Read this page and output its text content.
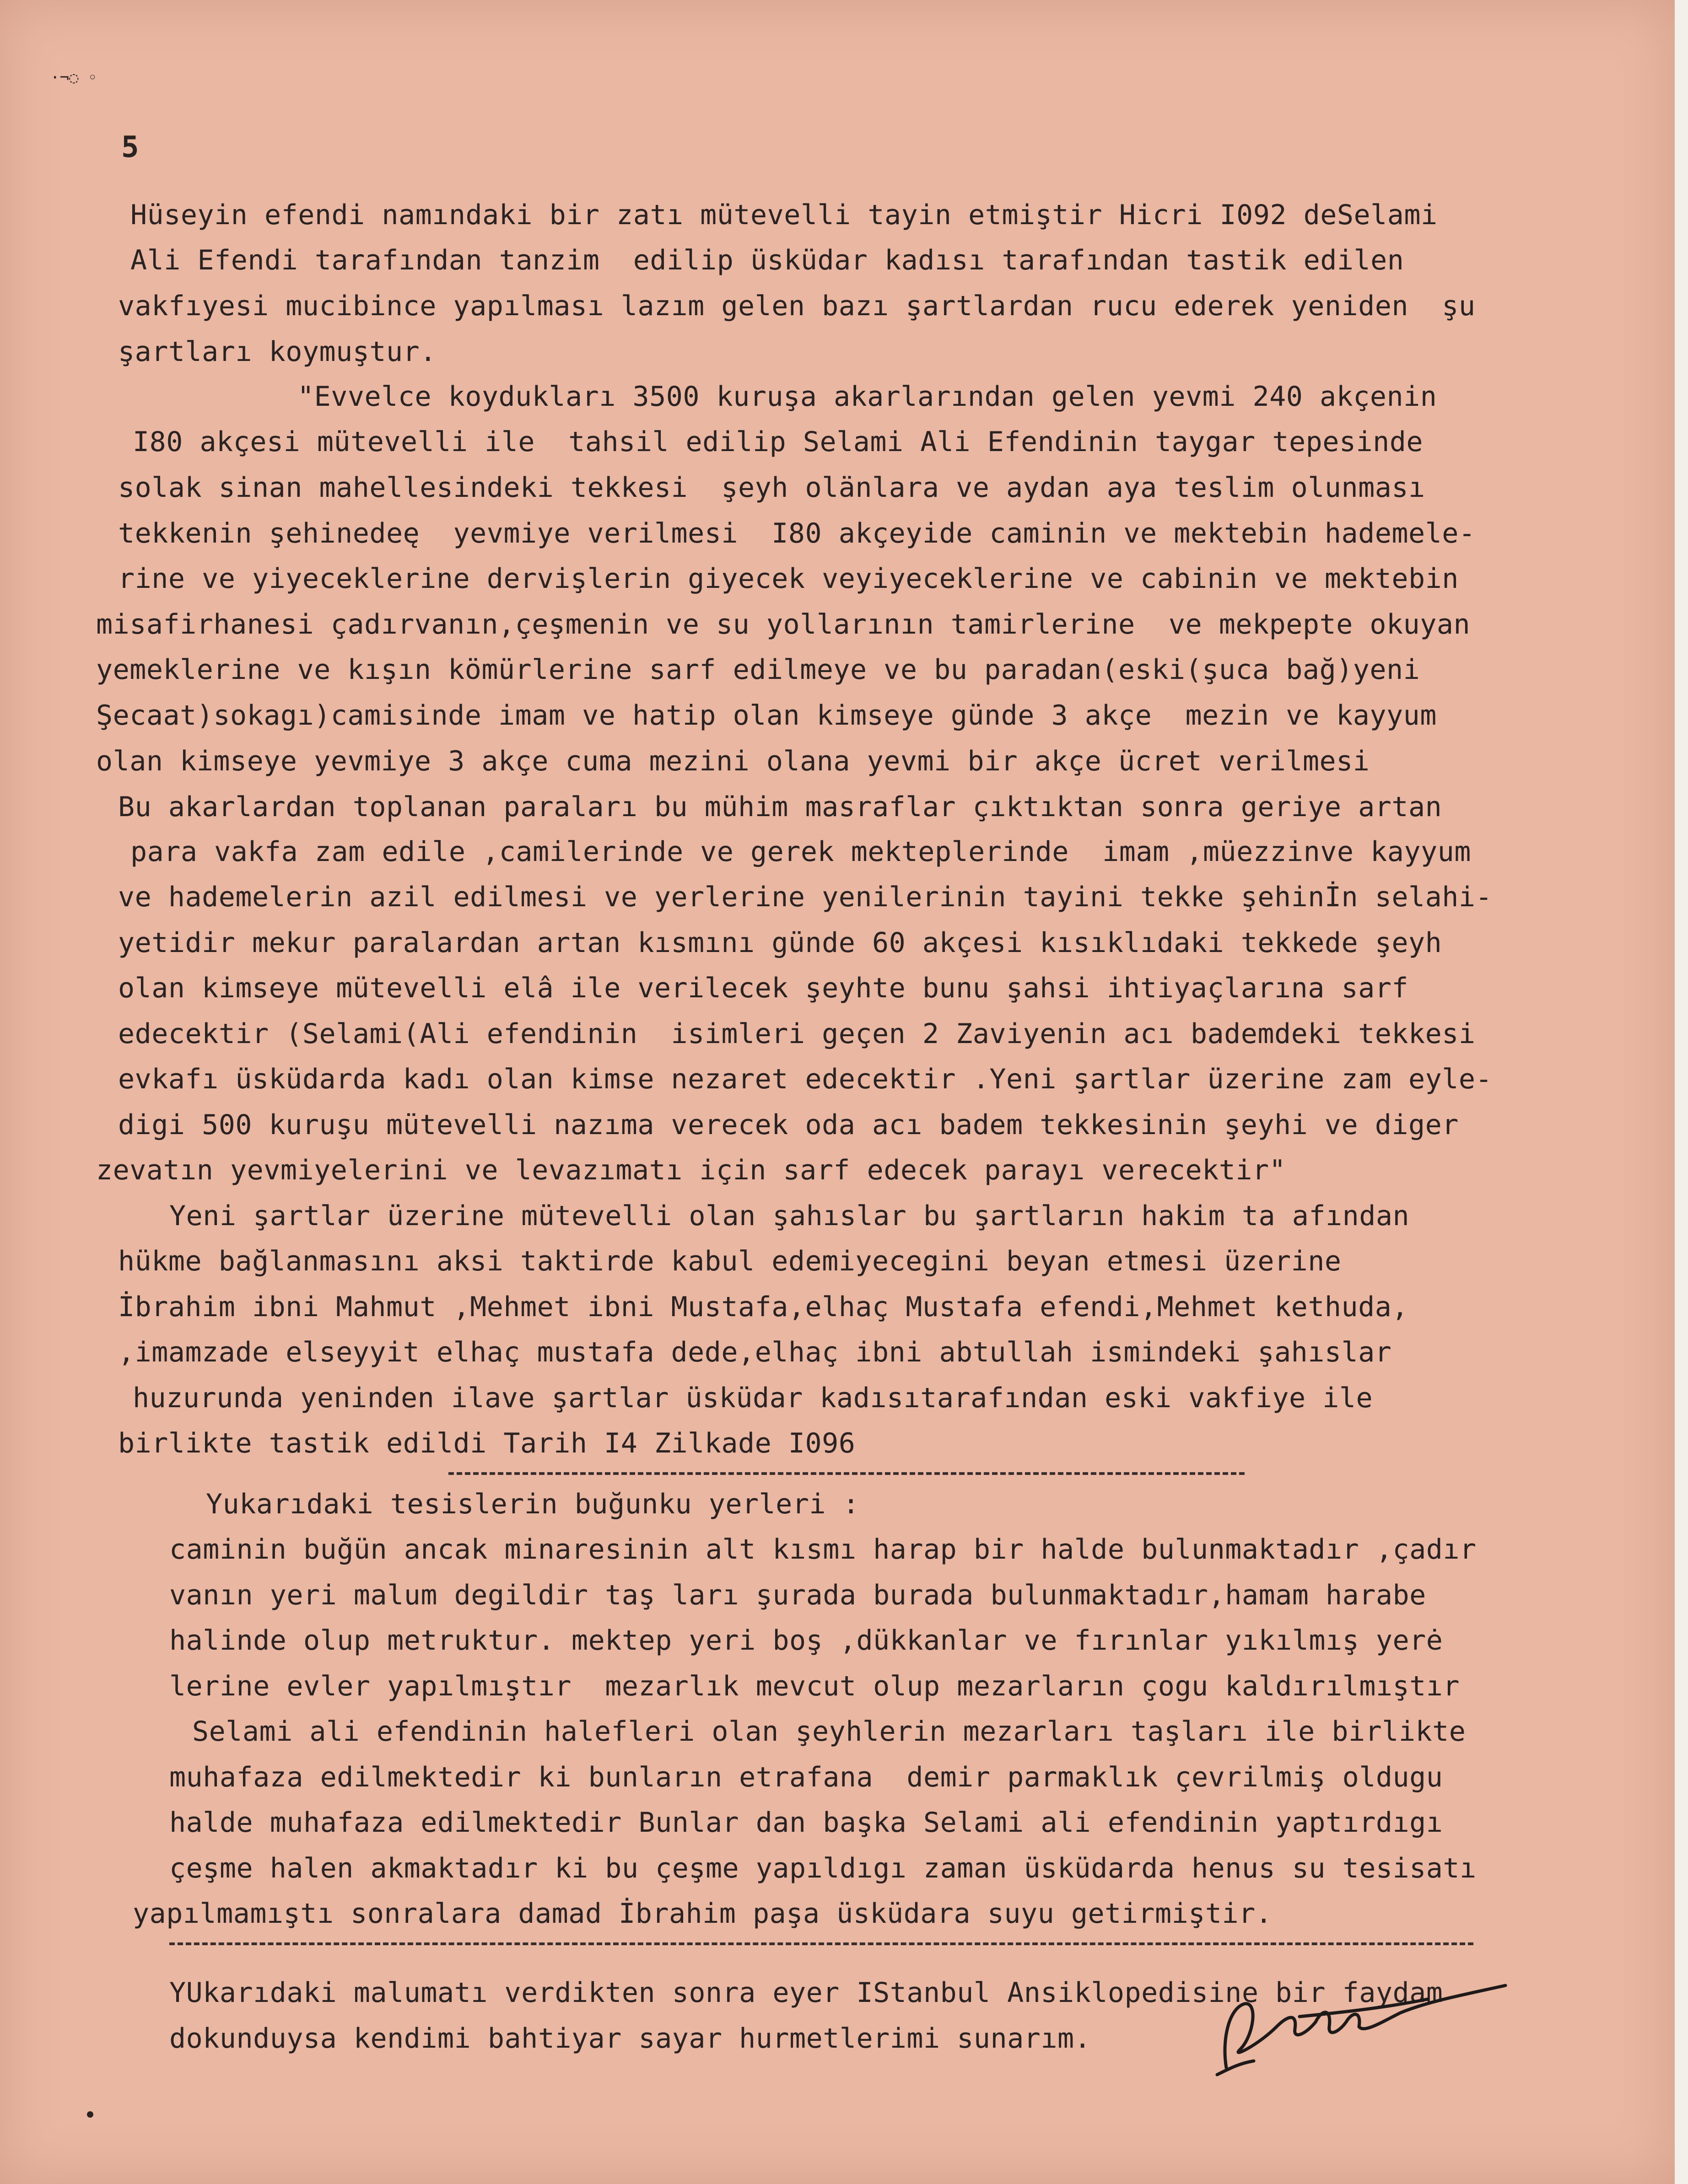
·¬◌ ◦
5
Hüseyin efendi namındaki bir zatı mütevelli tayin etmiştir Hicri I092 deSelami
Ali Efendi tarafından tanzim  edilip üsküdar kadısı tarafından tastik edilen
vakfıyesi mucibince yapılması lazım gelen bazı şartlardan rucu ederek yeniden  şu
şartları koymuştur.
"Evvelce koydukları 3500 kuruşa akarlarından gelen yevmi 240 akçenin
I80 akçesi mütevelli ile  tahsil edilip Selami Ali Efendinin taygar tepesinde
solak sinan mahellesindeki tekkesi  şeyh olänlara ve aydan aya teslim olunması
tekkenin şehinedeę  yevmiye verilmesi  I80 akçeyide caminin ve mektebin hademele-
rine ve yiyeceklerine dervişlerin giyecek veyiyeceklerine ve cabinin ve mektebin
misafirhanesi çadırvanın,çeşmenin ve su yollarının tamirlerine  ve mekpepte okuyan
yemeklerine ve kışın kömürlerine sarf edilmeye ve bu paradan(eski(şuca bağ)yeni
Şecaat)sokagı)camisinde imam ve hatip olan kimseye günde 3 akçe  mezin ve kayyum
olan kimseye yevmiye 3 akçe cuma mezini olana yevmi bir akçe ücret verilmesi
Bu akarlardan toplanan paraları bu mühim masraflar çıktıktan sonra geriye artan
para vakfa zam edile ,camilerinde ve gerek mekteplerinde  imam ,müezzinve kayyum
ve hademelerin azil edilmesi ve yerlerine yenilerinin tayini tekke şehinİn selahi-
yetidir mekur paralardan artan kısmını günde 60 akçesi kısıklıdaki tekkede şeyh
olan kimseye mütevelli elâ ile verilecek şeyhte bunu şahsi ihtiyaçlarına sarf
edecektir (Selami(Ali efendinin  isimleri geçen 2 Zaviyenin acı bademdeki tekkesi
evkafı üsküdarda kadı olan kimse nezaret edecektir .Yeni şartlar üzerine zam eyle-
digi 500 kuruşu mütevelli nazıma verecek oda acı badem tekkesinin şeyhi ve diger
zevatın yevmiyelerini ve levazımatı için sarf edecek parayı verecektir"
Yeni şartlar üzerine mütevelli olan şahıslar bu şartların hakim ta afından
hükme bağlanmasını aksi taktirde kabul edemiyecegini beyan etmesi üzerine
İbrahim ibni Mahmut ,Mehmet ibni Mustafa,elhaç Mustafa efendi,Mehmet kethuda,
,imamzade elseyyit elhaç mustafa dede,elhaç ibni abtullah ismindeki şahıslar
huzurunda yeninden ilave şartlar üsküdar kadısıtarafından eski vakfiye ile
birlikte tastik edildi Tarih I4 Zilkade I096
Yukarıdaki tesislerin buğunku yerleri :
caminin buğün ancak minaresinin alt kısmı harap bir halde bulunmaktadır ,çadır
vanın yeri malum degildir taş ları şurada burada bulunmaktadır,hamam harabe
halinde olup metruktur. mektep yeri boş ,dükkanlar ve fırınlar yıkılmış yerė
lerine evler yapılmıştır  mezarlık mevcut olup mezarların çogu kaldırılmıştır
Selami ali efendinin halefleri olan şeyhlerin mezarları taşları ile birlikte
muhafaza edilmektedir ki bunların etrafana  demir parmaklık çevrilmiş oldugu
halde muhafaza edilmektedir Bunlar dan başka Selami ali efendinin yaptırdıgı
çeşme halen akmaktadır ki bu çeşme yapıldıgı zaman üsküdarda henus su tesisatı
yapılmamıştı sonralara damad İbrahim paşa üsküdara suyu getirmiştir.
YUkarıdaki malumatı verdikten sonra eyer IStanbul Ansiklopedisine bir faydam
dokunduysa kendimi bahtiyar sayar hurmetlerimi sunarım.
